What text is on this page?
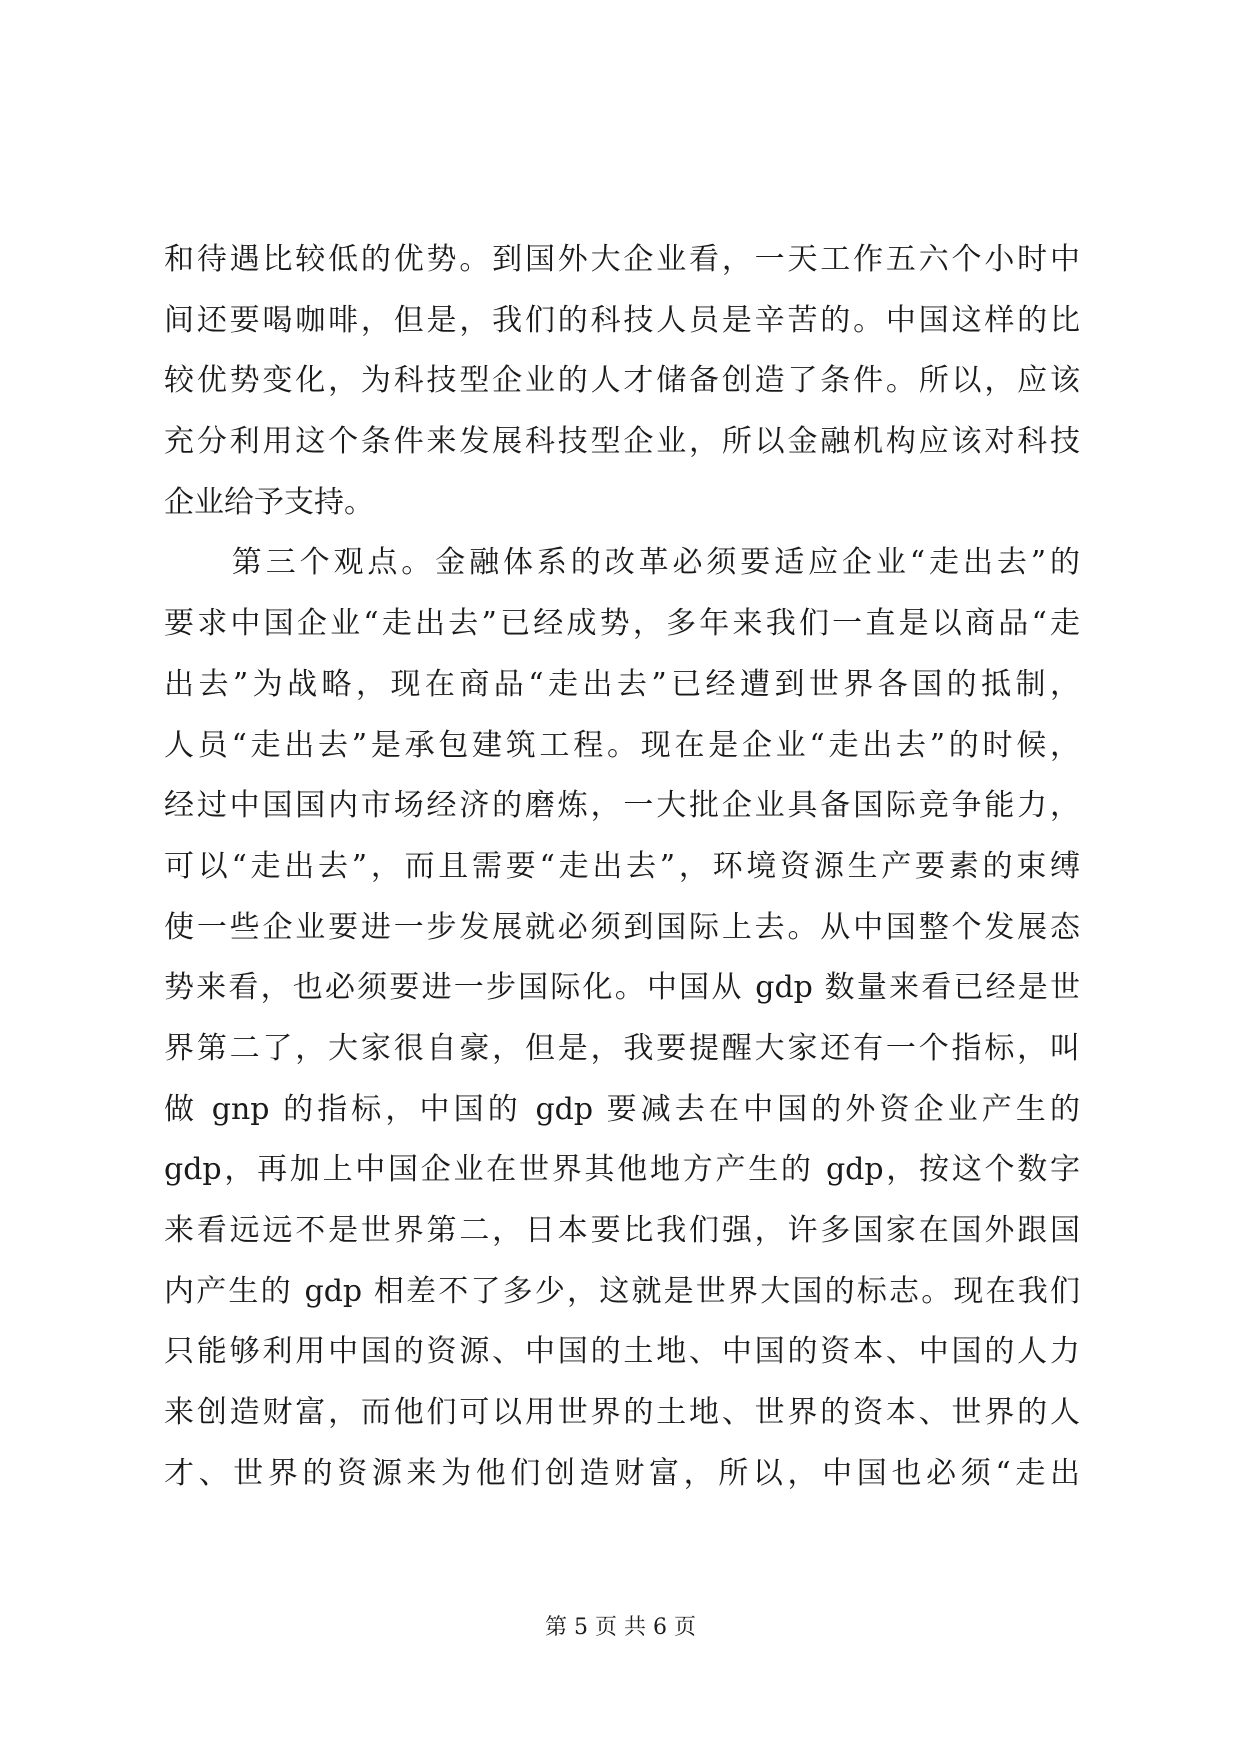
和待遇比较低的优势。到国外大企业看，一天工作五六个小时中
间还要喝咖啡，但是，我们的科技人员是辛苦的。中国这样的比
较优势变化，为科技型企业的人才储备创造了条件。所以，应该
充分利用这个条件来发展科技型企业，所以金融机构应该对科技
企业给予支持。
　　第三个观点。金融体系的改革必须要适应企业“走出去”的
要求中国企业“走出去”已经成势，多年来我们一直是以商品“走
出去”为战略，现在商品“走出去”已经遭到世界各国的抵制，
人员“走出去”是承包建筑工程。现在是企业“走出去”的时候，
经过中国国内市场经济的磨炼，一大批企业具备国际竞争能力，
可以“走出去”，而且需要“走出去”，环境资源生产要素的束缚
使一些企业要进一步发展就必须到国际上去。从中国整个发展态
势来看，也必须要进一步国际化。中国从 gdp 数量来看已经是世
界第二了，大家很自豪，但是，我要提醒大家还有一个指标，叫
做 gnp 的指标，中国的 gdp 要减去在中国的外资企业产生的
gdp，再加上中国企业在世界其他地方产生的 gdp，按这个数字
来看远远不是世界第二，日本要比我们强，许多国家在国外跟国
内产生的 gdp 相差不了多少，这就是世界大国的标志。现在我们
只能够利用中国的资源、中国的土地、中国的资本、中国的人力
来创造财富，而他们可以用世界的土地、世界的资本、世界的人
才、世界的资源来为他们创造财富，所以，中国也必须“走出
第 5 页 共 6 页
